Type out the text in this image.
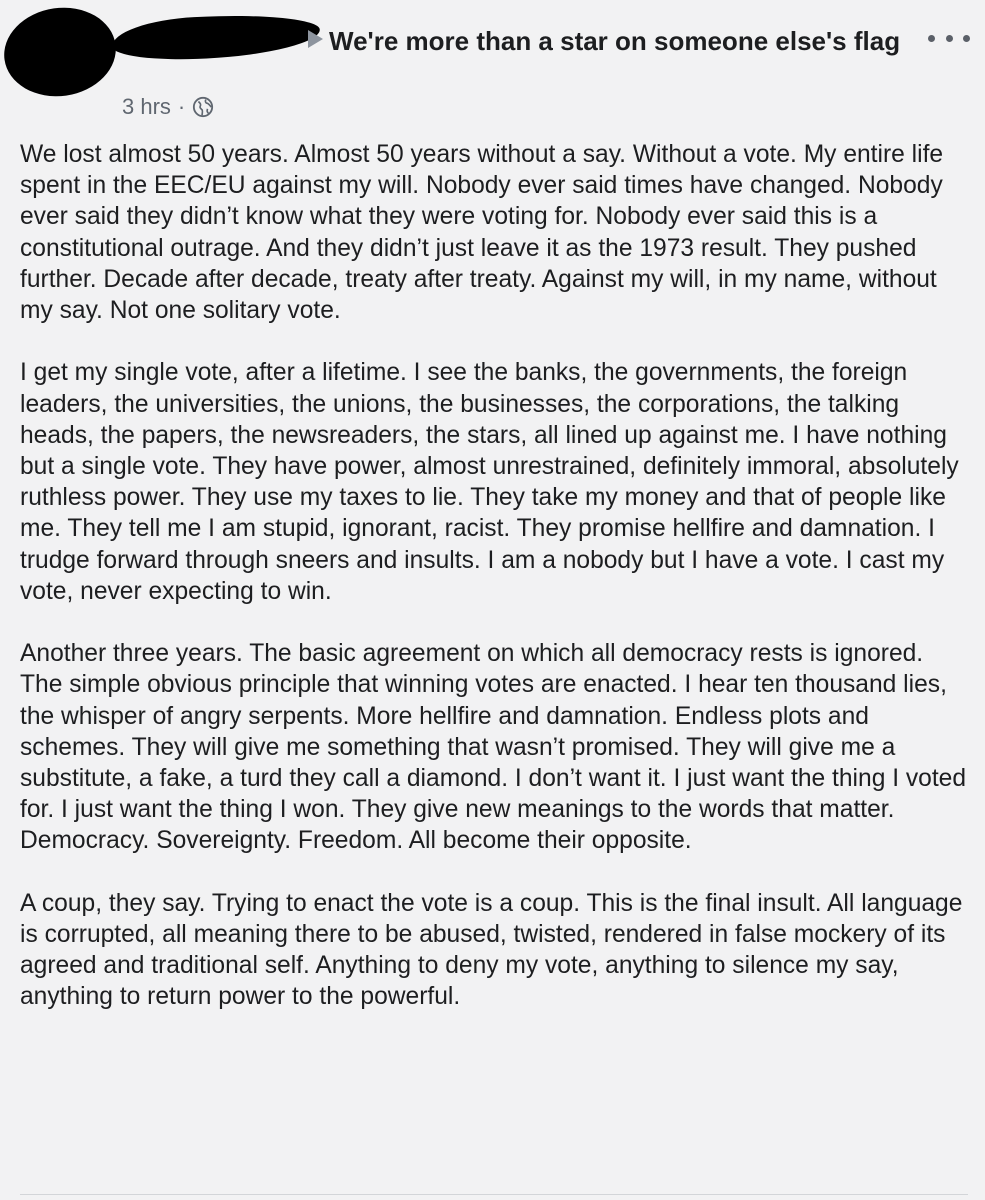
We're more than a star on someone else's flag
3 hrs ·

We lost almost 50 years. Almost 50 years without a say. Without a vote. My entire life spent in the EEC/EU against my will. Nobody ever said times have changed. Nobody ever said they didn’t know what they were voting for. Nobody ever said this is a constitutional outrage. And they didn’t just leave it as the 1973 result. They pushed further. Decade after decade, treaty after treaty. Against my will, in my name, without my say. Not one solitary vote.

I get my single vote, after a lifetime. I see the banks, the governments, the foreign leaders, the universities, the unions, the businesses, the corporations, the talking heads, the papers, the newsreaders, the stars, all lined up against me. I have nothing but a single vote. They have power, almost unrestrained, definitely immoral, absolutely ruthless power. They use my taxes to lie. They take my money and that of people like me. They tell me I am stupid, ignorant, racist. They promise hellfire and damnation. I trudge forward through sneers and insults. I am a nobody but I have a vote. I cast my vote, never expecting to win.

Another three years. The basic agreement on which all democracy rests is ignored. The simple obvious principle that winning votes are enacted. I hear ten thousand lies, the whisper of angry serpents. More hellfire and damnation. Endless plots and schemes. They will give me something that wasn’t promised. They will give me a substitute, a fake, a turd they call a diamond. I don’t want it. I just want the thing I voted for. I just want the thing I won. They give new meanings to the words that matter. Democracy. Sovereignty. Freedom. All become their opposite.

A coup, they say. Trying to enact the vote is a coup. This is the final insult. All language is corrupted, all meaning there to be abused, twisted, rendered in false mockery of its agreed and traditional self. Anything to deny my vote, anything to silence my say, anything to return power to the powerful.
